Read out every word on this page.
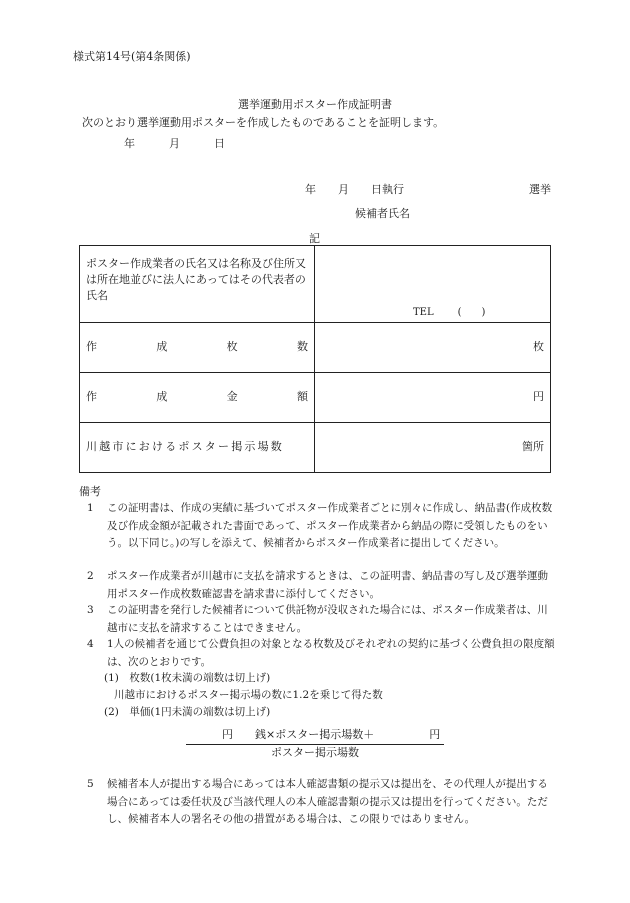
様式第14号(第4条関係)
選挙運動用ポスター作成証明書
次のとおり選挙運動用ポスターを作成したものであることを証明します。
年	月	日
年 月 日執行	選挙
候補者氏名
記
ポスター作成業者の氏名又は名称及び住所又は所在地並びに法人にあってはその代表者の氏名	TEL (　　)

作 成 枚 数	枚

作 成 金 額	円
川越市におけるポスター掲示場数	箇所
備考
1 この証明書は、作成の実績に基づいてポスター作成業者ごとに別々に作成し、納品書(作成枚数及び作成金額が記載された書面であって、ポスター作成業者から納品の際に受領したものをいう。以下同じ。)の写しを添えて、候補者からポスター作成業者に提出してください。
2 ポスター作成業者が川越市に支払を請求するときは、この証明書、納品書の写し及び選挙運動用ポスター作成枚数確認書を請求書に添付してください。
3 この証明書を発行した候補者について供託物が没収された場合には、ポスター作成業者は、川越市に支払を請求することはできません。
4 1人の候補者を通じて公費負担の対象となる枚数及びそれぞれの契約に基づく公費負担の限度額は、次のとおりです。
(1)　枚数(1枚未満の端数は切上げ)
川越市におけるポスター掲示場の数に1.2を乗じて得た数
(2)　単価(1円未満の端数は切上げ)
円　　銭×ポスター掲示場数＋　　　　　円
ポスター掲示場数
5 候補者本人が提出する場合にあっては本人確認書類の提示又は提出を、その代理人が提出する場合にあっては委任状及び当該代理人の本人確認書類の提示又は提出を行ってください。ただし、候補者本人の署名その他の措置がある場合は、この限りではありません。
